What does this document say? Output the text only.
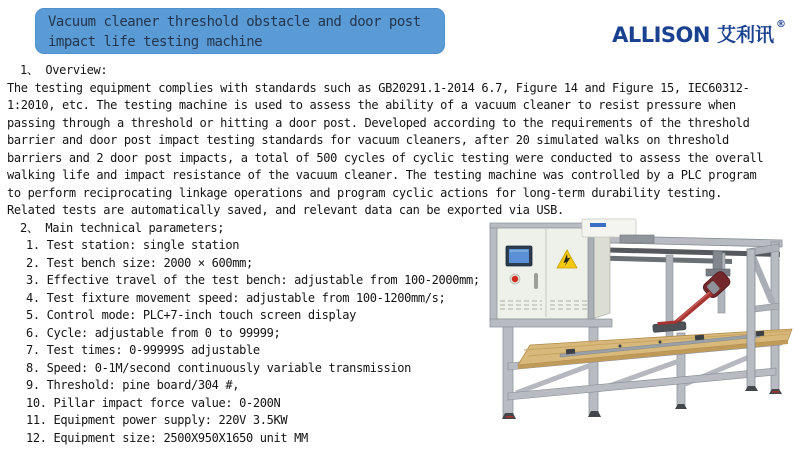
Vacuum cleaner threshold obstacle and door post
impact life testing machine	ALLISON 艾利讯 ®
1、 Overview:
The testing equipment complies with standards such as GB20291.1-2014 6.7, Figure 14 and Figure 15, IEC60312-
1:2010, etc. The testing machine is used to assess the ability of a vacuum cleaner to resist pressure when
passing through a threshold or hitting a door post. Developed according to the requirements of the threshold
barrier and door post impact testing standards for vacuum cleaners, after 20 simulated walks on threshold
barriers and 2 door post impacts, a total of 500 cycles of cyclic testing were conducted to assess the overall
walking life and impact resistance of the vacuum cleaner. The testing machine was controlled by a PLC program
to perform reciprocating linkage operations and program cyclic actions for long-term durability testing.
Related tests are automatically saved, and relevant data can be exported via USB.
2、 Main technical parameters;
1. Test station: single station
2. Test bench size: 2000 × 600mm;
3. Effective travel of the test bench: adjustable from 100-2000mm;
4. Test fixture movement speed: adjustable from 100-1200mm/s;
5. Control mode: PLC+7-inch touch screen display
6. Cycle: adjustable from 0 to 99999;
7. Test times: 0-99999S adjustable
8. Speed: 0-1M/second continuously variable transmission
9. Threshold: pine board/304 #,
10. Pillar impact force value: 0-200N
11. Equipment power supply: 220V 3.5KW
12. Equipment size: 2500X950X1650 unit MM
